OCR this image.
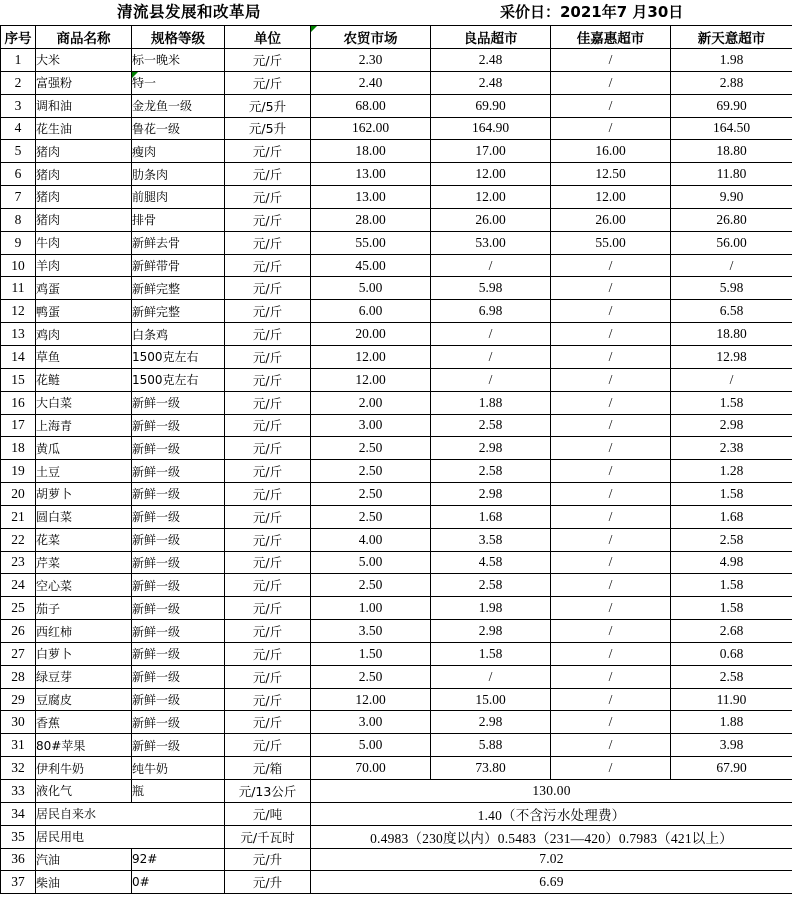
清流县发展和改革局	采价日：2021年7 月30日
序号	商品名称	规格等级	单位	农贸市场	良品超市	佳嘉惠超市	新天意超市
1	大米	标一晚米	元/斤	2.30	2.48	/	1.98
2	富强粉	特一	元/斤	2.40	2.48	/	2.88
3	调和油	金龙鱼一级	元/5升	68.00	69.90	/	69.90
4	花生油	鲁花一级	元/5升	162.00	164.90	/	164.50
5	猪肉	瘦肉	元/斤	18.00	17.00	16.00	18.80
6	猪肉	肋条肉	元/斤	13.00	12.00	12.50	11.80
7	猪肉	前腿肉	元/斤	13.00	12.00	12.00	9.90
8	猪肉	排骨	元/斤	28.00	26.00	26.00	26.80
9	牛肉	新鲜去骨	元/斤	55.00	53.00	55.00	56.00
10	羊肉	新鲜带骨	元/斤	45.00	/	/	/
11	鸡蛋	新鲜完整	元/斤	5.00	5.98	/	5.98
12	鸭蛋	新鲜完整	元/斤	6.00	6.98	/	6.58
13	鸡肉	白条鸡	元/斤	20.00	/	/	18.80
14	草鱼	1500克左右	元/斤	12.00	/	/	12.98
15	花鲢	1500克左右	元/斤	12.00	/	/	/
16	大白菜	新鲜一级	元/斤	2.00	1.88	/	1.58
17	上海青	新鲜一级	元/斤	3.00	2.58	/	2.98
18	黄瓜	新鲜一级	元/斤	2.50	2.98	/	2.38
19	土豆	新鲜一级	元/斤	2.50	2.58	/	1.28
20	胡萝卜	新鲜一级	元/斤	2.50	2.98	/	1.58
21	圆白菜	新鲜一级	元/斤	2.50	1.68	/	1.68
22	花菜	新鲜一级	元/斤	4.00	3.58	/	2.58
23	芹菜	新鲜一级	元/斤	5.00	4.58	/	4.98
24	空心菜	新鲜一级	元/斤	2.50	2.58	/	1.58
25	茄子	新鲜一级	元/斤	1.00	1.98	/	1.58
26	西红柿	新鲜一级	元/斤	3.50	2.98	/	2.68
27	白萝卜	新鲜一级	元/斤	1.50	1.58	/	0.68
28	绿豆芽	新鲜一级	元/斤	2.50	/	/	2.58
29	豆腐皮	新鲜一级	元/斤	12.00	15.00	/	11.90
30	香蕉	新鲜一级	元/斤	3.00	2.98	/	1.88
31	80#苹果	新鲜一级	元/斤	5.00	5.88	/	3.98
32	伊利牛奶	纯牛奶	元/箱	70.00	73.80	/	67.90
33	液化气	瓶	元/13公斤	130.00			
34	居民自来水		元/吨	1.40（不含污水处理费）			
35	居民用电		元/千瓦时	0.4983（230度以内）0.5483（231—420）0.7983（421以上）			
36	汽油	92#	元/升	7.02			
37	柴油	0#	元/升	6.69			
